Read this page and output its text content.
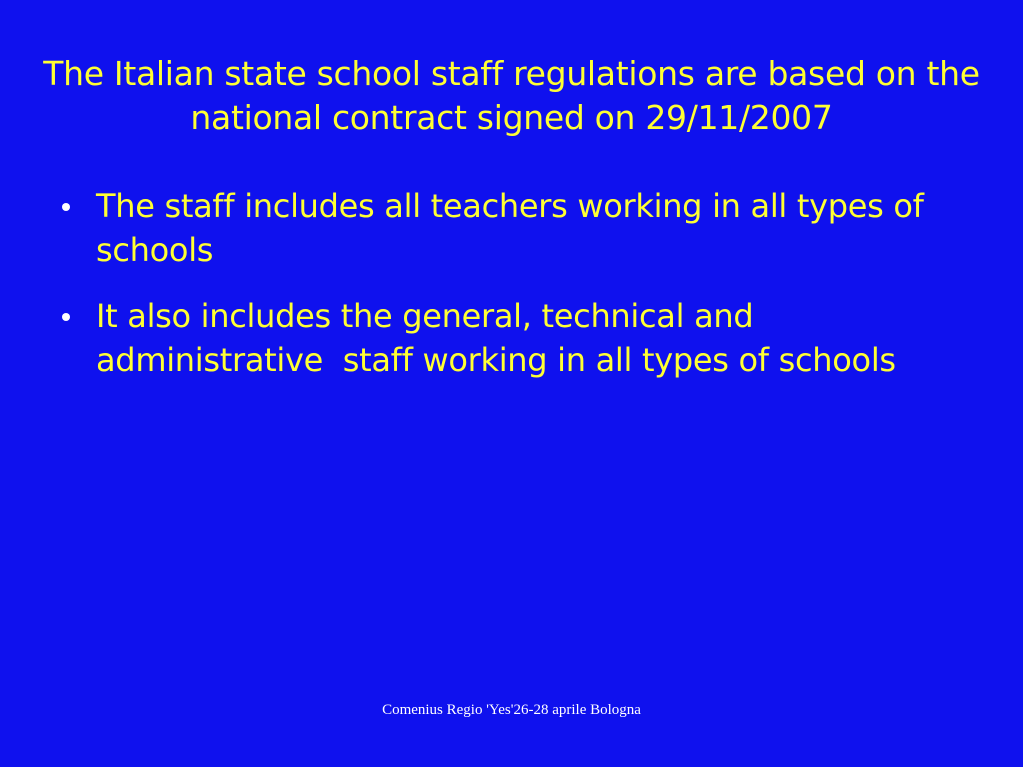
The Italian state school staff regulations are based on the national contract signed on 29/11/2007
The staff includes all teachers working in all types of schools
It also includes the general, technical and administrative  staff working in all types of schools
Comenius Regio 'Yes'26-28 aprile Bologna
